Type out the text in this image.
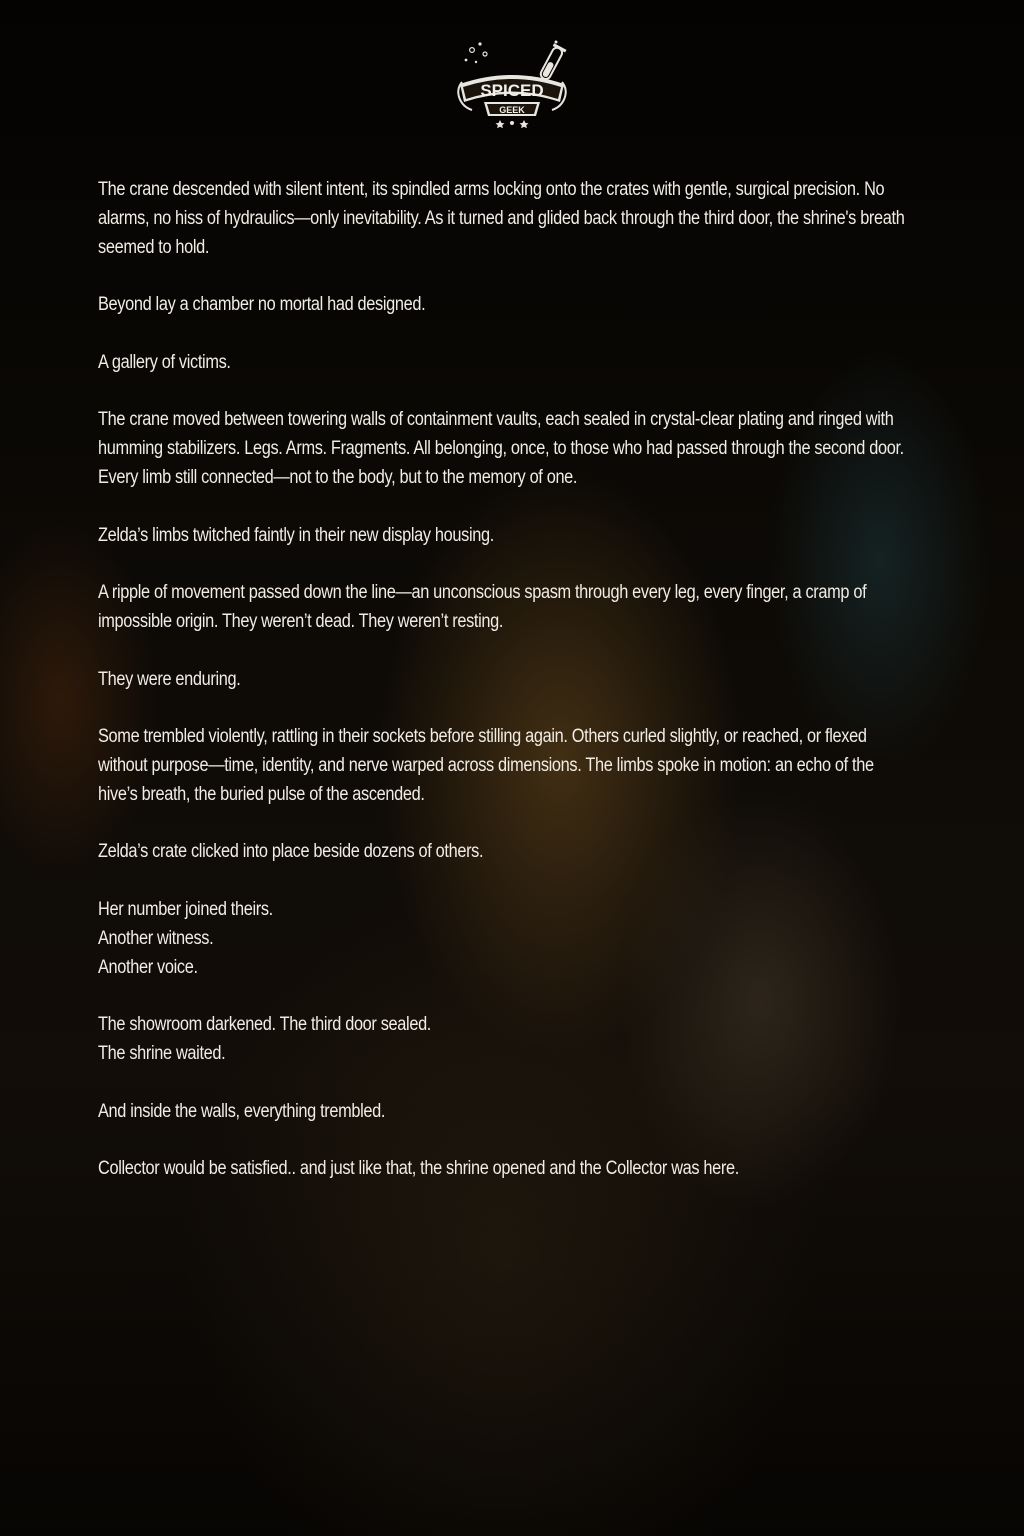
SPICED
GEEK

The crane descended with silent intent, its spindled arms locking onto the crates with gentle, surgical precision. No alarms, no hiss of hydraulics—only inevitability. As it turned and glided back through the third door, the shrine's breath seemed to hold.

Beyond lay a chamber no mortal had designed.

A gallery of victims.

The crane moved between towering walls of containment vaults, each sealed in crystal-clear plating and ringed with humming stabilizers. Legs. Arms. Fragments. All belonging, once, to those who had passed through the second door. Every limb still connected—not to the body, but to the memory of one.

Zelda’s limbs twitched faintly in their new display housing.

A ripple of movement passed down the line—an unconscious spasm through every leg, every finger, a cramp of impossible origin. They weren’t dead. They weren’t resting.

They were enduring.

Some trembled violently, rattling in their sockets before stilling again. Others curled slightly, or reached, or flexed without purpose—time, identity, and nerve warped across dimensions. The limbs spoke in motion: an echo of the hive’s breath, the buried pulse of the ascended.

Zelda’s crate clicked into place beside dozens of others.

Her number joined theirs.
Another witness.
Another voice.

The showroom darkened. The third door sealed.
The shrine waited.

And inside the walls, everything trembled.

Collector would be satisfied.. and just like that, the shrine opened and the Collector was here.
